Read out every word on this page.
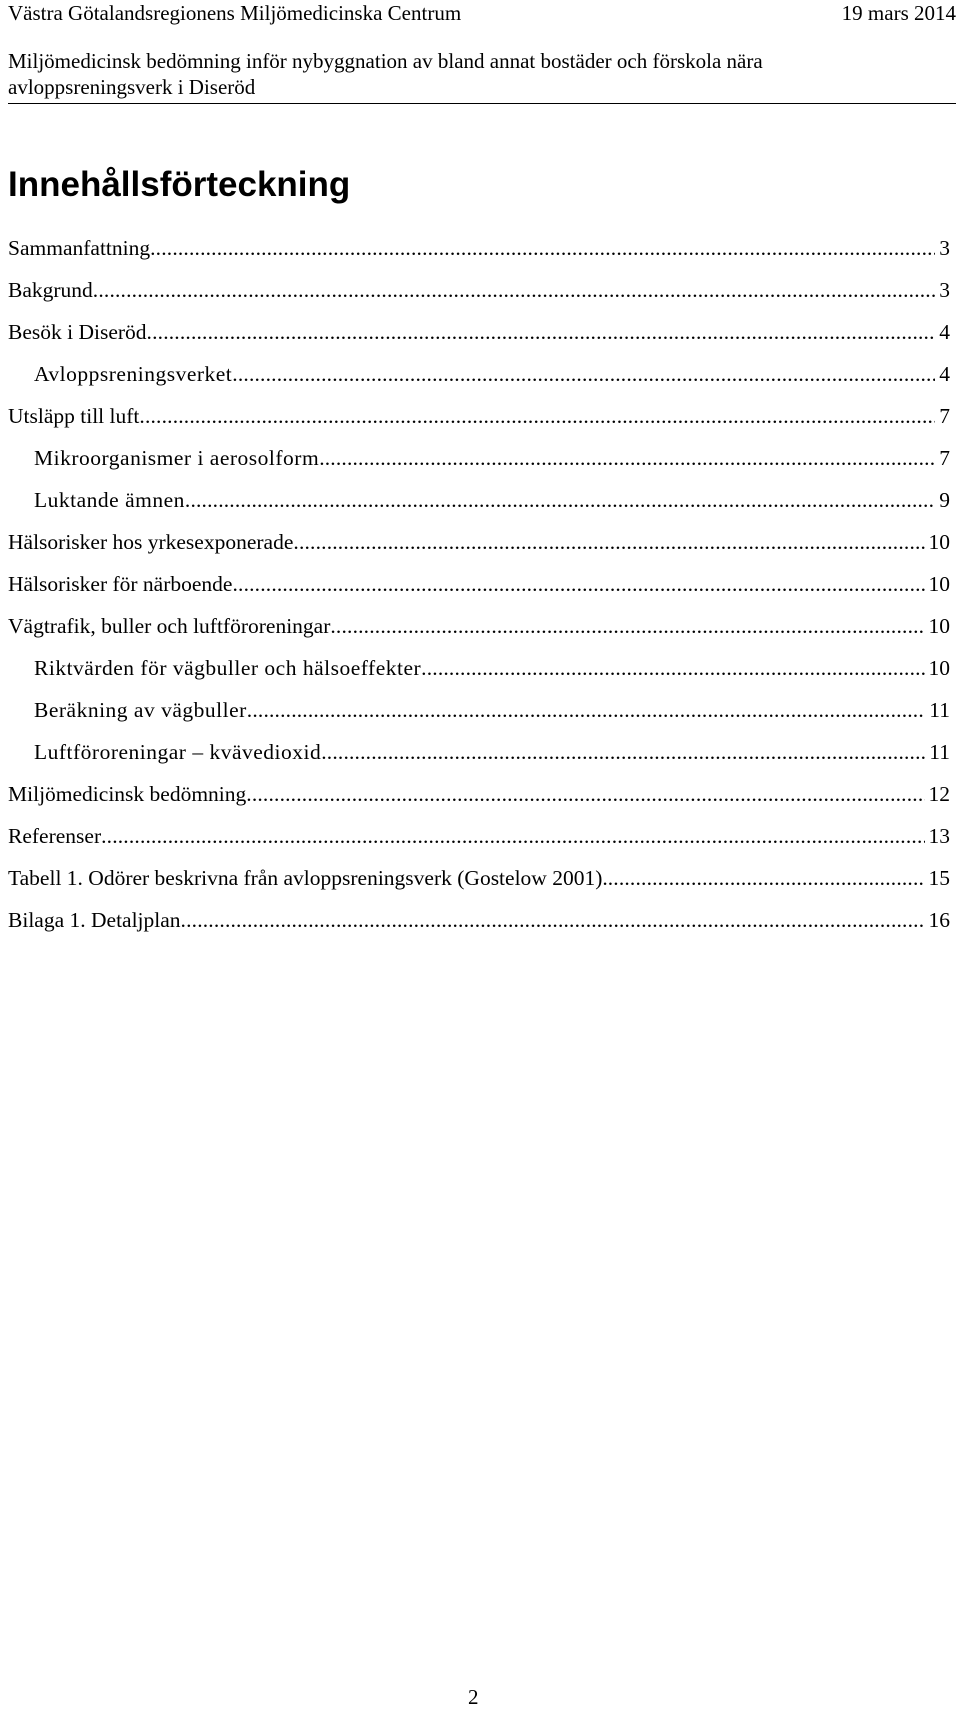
Västra Götalandsregionens Miljömedicinska Centrum	19 mars 2014
Miljömedicinsk bedömning inför nybyggnation av bland annat bostäder och förskola nära avloppsreningsverk i Diseröd
Innehållsförteckning
Sammanfattning . . .	3
Bakgrund . . .	3
Besök i Diseröd . . .	4
Avloppsreningsverket . . .	4
Utsläpp till luft . . .	7
Mikroorganismer i aerosolform . . .	7
Luktande ämnen . . .	9
Hälsorisker hos yrkesexponerade . . .	10
Hälsorisker för närboende . . .	10
Vägtrafik, buller och luftföroreningar . . .	10
Riktvärden för vägbuller och hälsoeffekter . . .	10
Beräkning av vägbuller . . .	11
Luftföroreningar – kvävedioxid . . .	11
Miljömedicinsk bedömning . . .	12
Referenser . . .	13
Tabell 1. Odörer beskrivna från avloppsreningsverk (Gostelow 2001). . . .	15
Bilaga 1. Detaljplan . . .	16
2
